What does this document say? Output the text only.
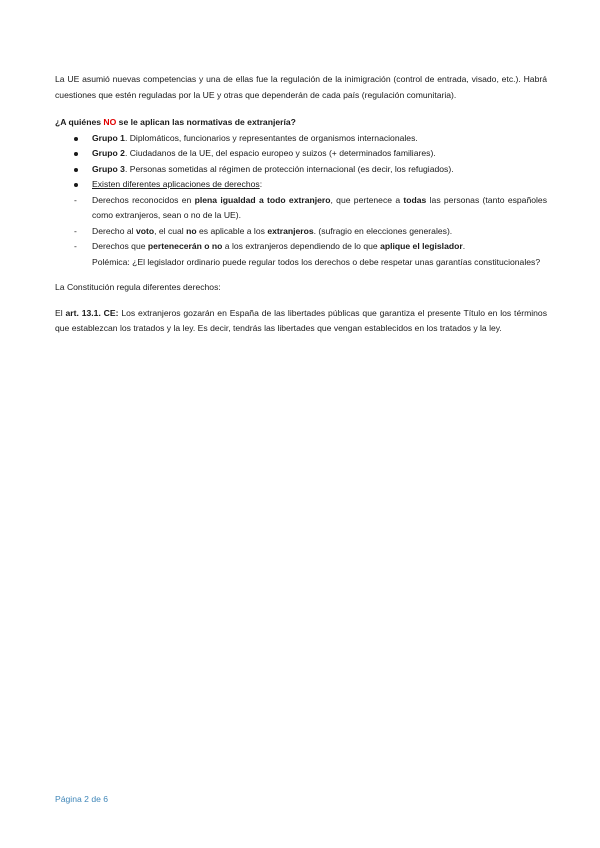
La UE asumió nuevas competencias y una de ellas fue la regulación de la inimigración (control de entrada, visado, etc.). Habrá cuestiones que estén reguladas por la UE y otras que dependerán de cada país (regulación comunitaria).

¿A quiénes NO se le aplican las normativas de extranjería?

Grupo 1. Diplomáticos, funcionarios y representantes de organismos internacionales.
Grupo 2. Ciudadanos de la UE, del espacio europeo y suizos (+ determinados familiares).
Grupo 3. Personas sometidas al régimen de protección internacional (es decir, los refugiados).
Existen diferentes aplicaciones de derechos:
- Derechos reconocidos en plena igualdad a todo extranjero, que pertenece a todas las personas (tanto españoles como extranjeros, sean o no de la UE).
- Derecho al voto, el cual no es aplicable a los extranjeros. (sufragio en elecciones generales).
- Derechos que pertenecerán o no a los extranjeros dependiendo de lo que aplique el legislador.
Polémica: ¿El legislador ordinario puede regular todos los derechos o debe respetar unas garantías constitucionales?

La Constitución regula diferentes derechos:

El art. 13.1. CE: Los extranjeros gozarán en España de las libertades públicas que garantiza el presente Título en los términos que establezcan los tratados y la ley. Es decir, tendrás las libertades que vengan establecidos en los tratados y la ley.

Página 2 de 6
